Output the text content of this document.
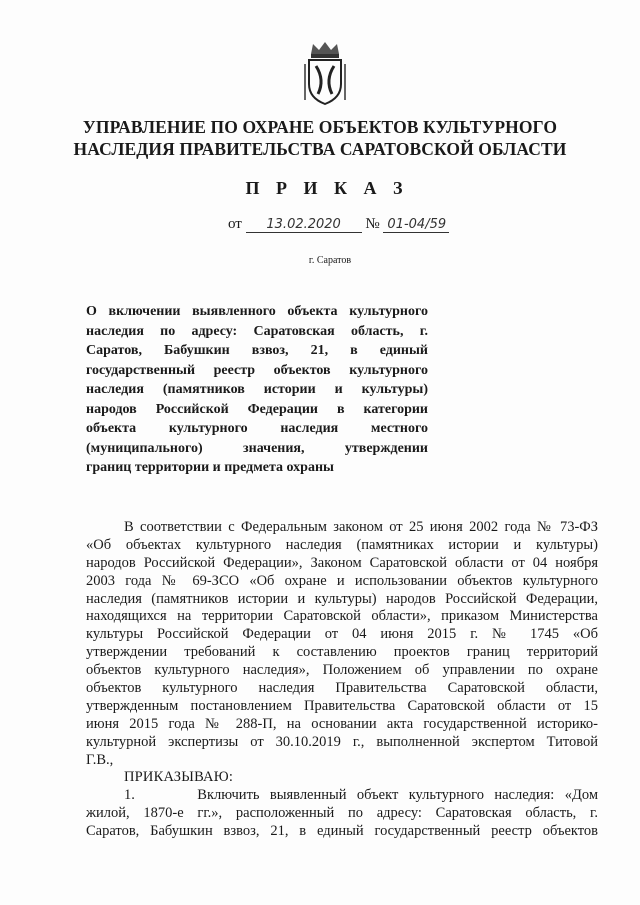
УПРАВЛЕНИЕ ПО ОХРАНЕ ОБЪЕКТОВ КУЛЬТУРНОГО
НАСЛЕДИЯ ПРАВИТЕЛЬСТВА САРАТОВСКОЙ ОБЛАСТИ
П Р И К А З
от 13.02.2020 № 01-04/59
г. Саратов
О включении выявленного объекта культурного
наследия по адресу: Саратовская область, г.
Саратов, Бабушкин взвоз, 21, в единый
государственный реестр объектов культурного
наследия (памятников истории и культуры)
народов Российской Федерации в категории
объекта культурного наследия местного
(муниципального) значения, утверждении
границ территории и предмета охраны
В соответствии с Федеральным законом от 25 июня 2002 года № 73-ФЗ
«Об объектах культурного наследия (памятниках истории и культуры)
народов Российской Федерации», Законом Саратовской области от 04 ноября
2003 года № 69-ЗСО «Об охране и использовании объектов культурного
наследия (памятников истории и культуры) народов Российской Федерации,
находящихся на территории Саратовской области», приказом Министерства
культуры Российской Федерации от 04 июня 2015 г. № 1745 «Об
утверждении требований к составлению проектов границ территорий
объектов культурного наследия», Положением об управлении по охране
объектов культурного наследия Правительства Саратовской области,
утвержденным постановлением Правительства Саратовской области от 15
июня 2015 года № 288-П, на основании акта государственной историко-
культурной экспертизы от 30.10.2019 г., выполненной экспертом Титовой
Г.В.,
ПРИКАЗЫВАЮ:
1.      Включить выявленный объект культурного наследия: «Дом
жилой, 1870-е гг.», расположенный по адресу: Саратовская область, г.
Саратов, Бабушкин взвоз, 21, в единый государственный реестр объектов
